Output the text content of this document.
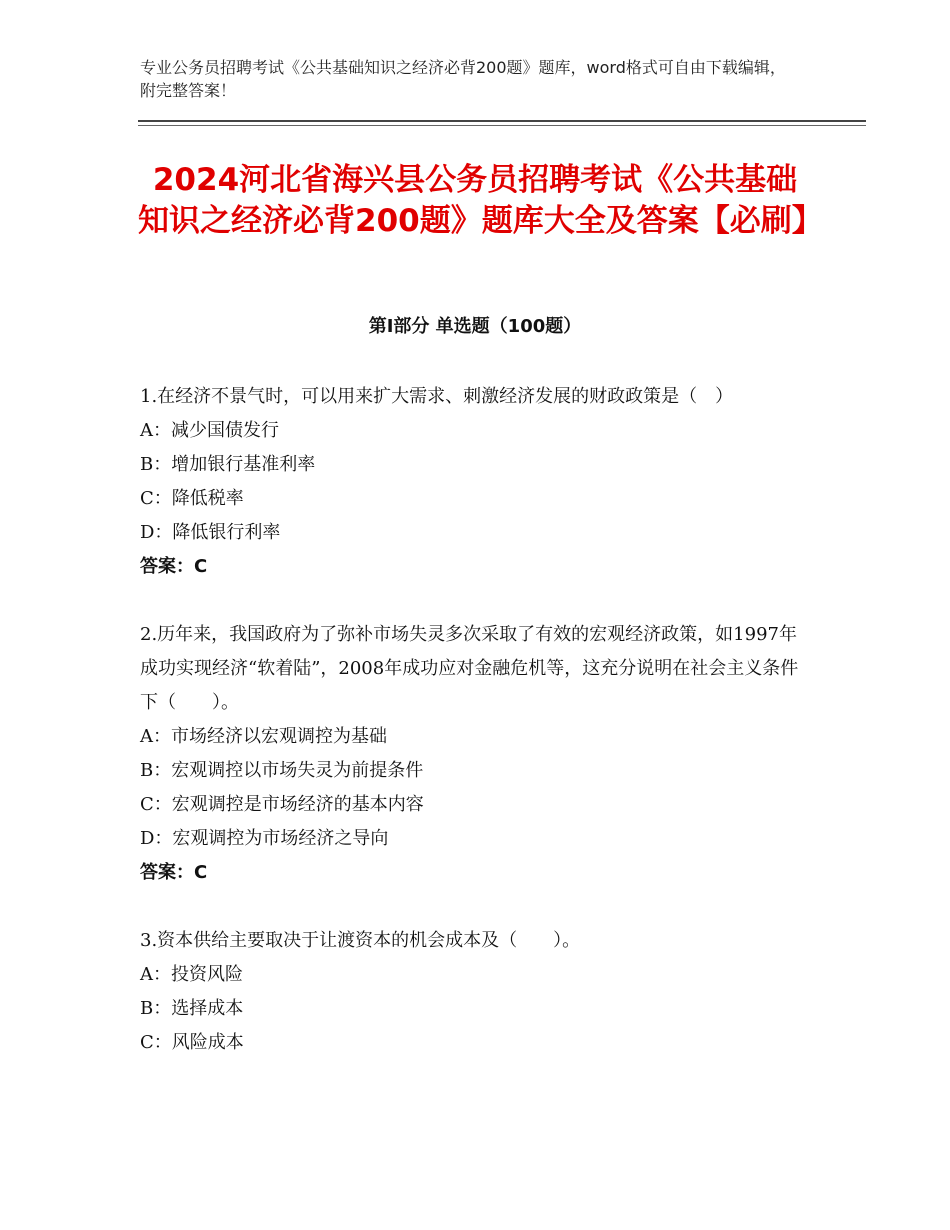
专业公务员招聘考试《公共基础知识之经济必背200题》题库，word格式可自由下载编辑，附完整答案！
2024河北省海兴县公务员招聘考试《公共基础知识之经济必背200题》题库大全及答案【必刷】
第Ⅰ部分 单选题（100题）

1.在经济不景气时，可以用来扩大需求、刺激经济发展的财政政策是（　）

A：减少国债发行

B：增加银行基准利率

C：降低税率

D：降低银行利率

答案：C

2.历年来，我国政府为了弥补市场失灵多次采取了有效的宏观经济政策，如1997年成功实现经济“软着陆”，2008年成功应对金融危机等，这充分说明在社会主义条件下（　　）。

A：市场经济以宏观调控为基础

B：宏观调控以市场失灵为前提条件

C：宏观调控是市场经济的基本内容

D：宏观调控为市场经济之导向

答案：C

3.资本供给主要取决于让渡资本的机会成本及（　　）。

A：投资风险

B：选择成本

C：风险成本
